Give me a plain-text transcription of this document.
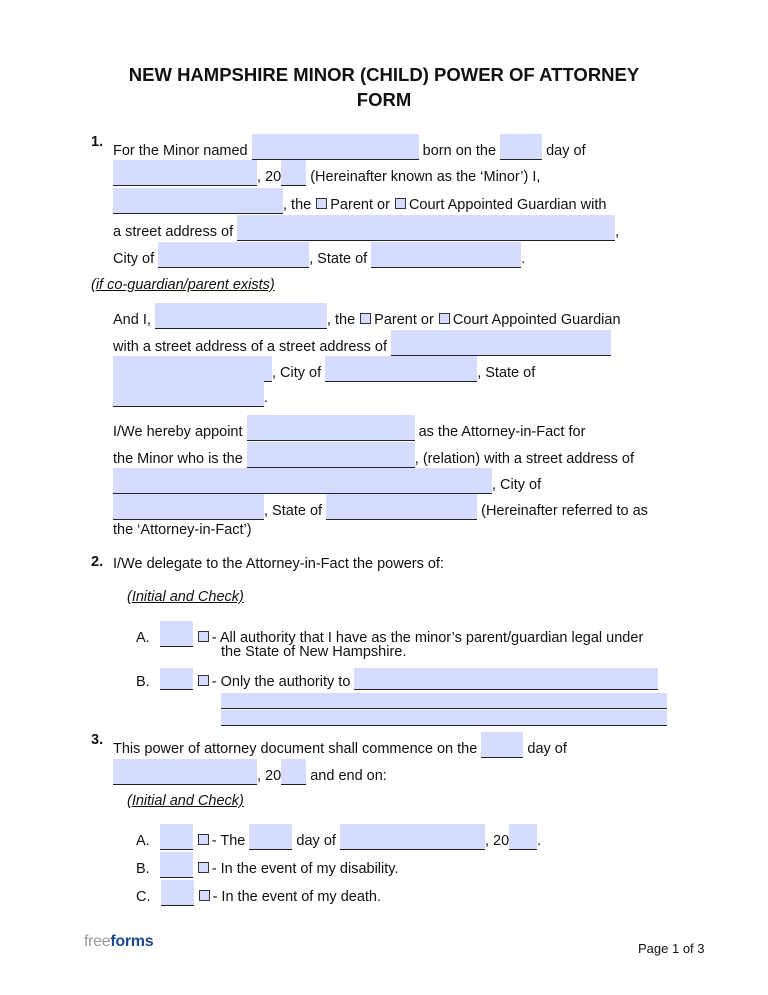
NEW HAMPSHIRE MINOR (CHILD) POWER OF ATTORNEY
FORM
1.
For the Minor named	born on the	day of
, 20 (Hereinafter known as the ‘Minor’) I,
, the Parent or Court Appointed Guardian with
a street address of	,
City of	, State of	.
(if co-guardian/parent exists)
And I,	, the Parent or Court Appointed Guardian
with a street address of a street address of
, City of	, State of
.
I/We hereby appoint	as the Attorney-in-Fact for
the Minor who is the	, (relation) with a street address of
, City of
, State of	(Hereinafter referred to as
the ‘Attorney-in-Fact’)
2. I/We delegate to the Attorney-in-Fact the powers of:
(Initial and Check)
A.	- All authority that I have as the minor’s parent/guardian legal under
the State of New Hampshire.
B.	- Only the authority to
3.
This power of attorney document shall commence on the	day of
, 20 and end on:
(Initial and Check)
A.	- The	day of	, 20 .
B.	- In the event of my disability.
C.	- In the event of my death.
freeforms	Page 1 of 3
